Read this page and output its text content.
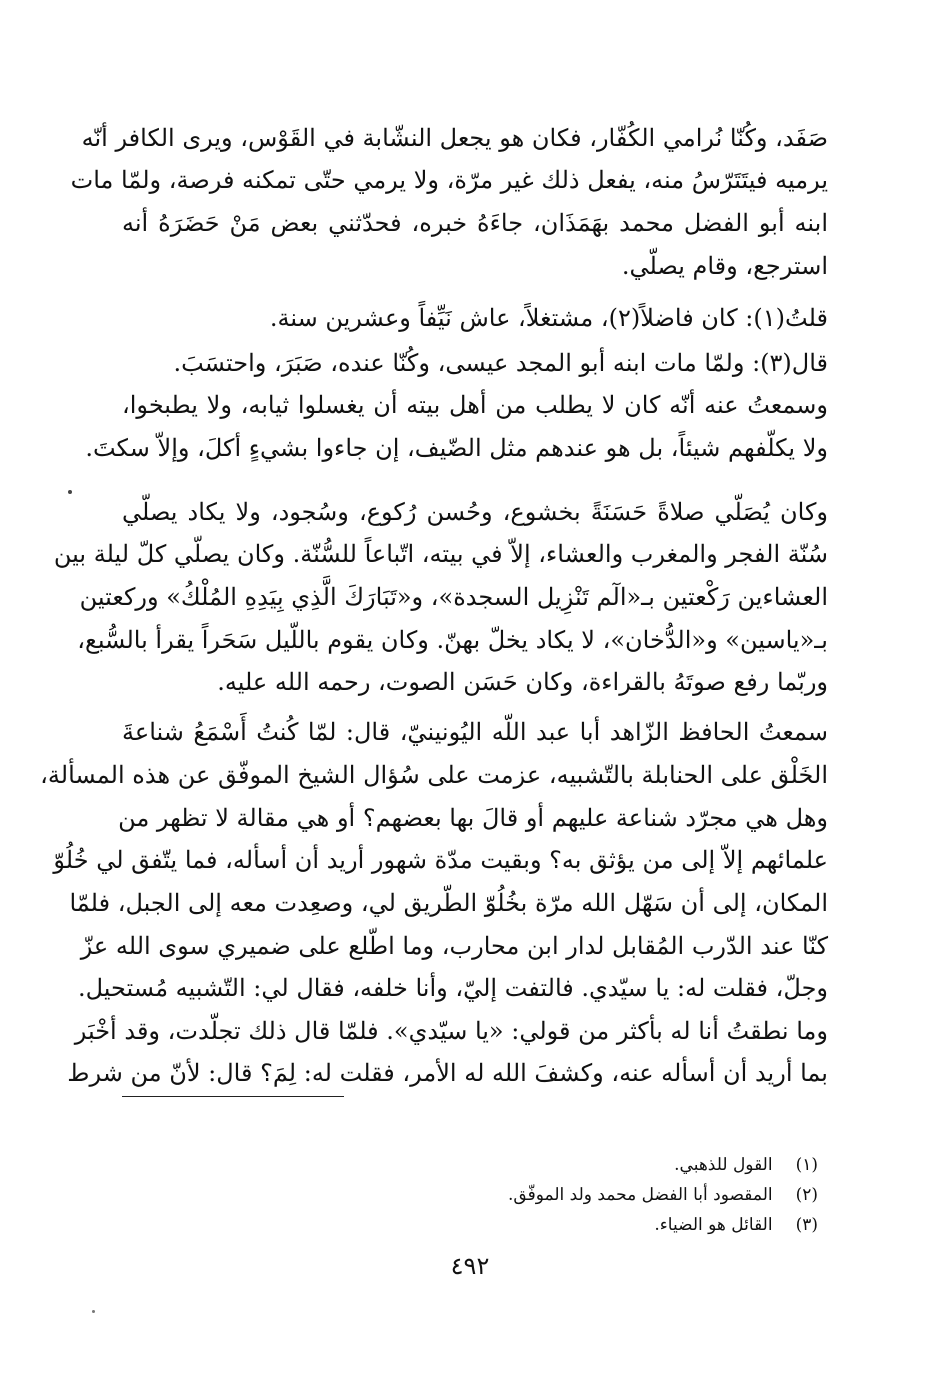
صَفَد، وكُنّا نُرامي الكُفّار، فكان هو يجعل النشّابة في القَوْس، ويرى الكافر أنّه
يرميه فيتَتَرّسُ منه، يفعل ذلك غير مرّة، ولا يرمي حتّى تمكنه فرصة، ولمّا مات
ابنه أبو الفضل محمد بهَمَذَان، جاءَهُ خبره، فحدّثني بعض مَنْ حَضَرَهُ أنه
استرجع، وقام يصلّي.
قلتُ(١): كان فاضلاً(٢)، مشتغلاً، عاش نَيِّفاً وعشرين سنة.
قال(٣): ولمّا مات ابنه أبو المجد عيسى، وكُنّا عنده، صَبَرَ، واحتسَبَ.
وسمعتُ عنه أنّه كان لا يطلب من أهل بيته أن يغسلوا ثيابه، ولا يطبخوا،
ولا يكلّفهم شيئاً، بل هو عندهم مثل الضّيف، إن جاءوا بشيءٍ أكلَ، وإلاّ سكتَ.
وكان يُصَلّي صلاةً حَسَنَةً بخشوع، وحُسن رُكوع، وسُجود، ولا يكاد يصلّي
سُنّة الفجر والمغرب والعشاء، إلاّ في بيته، اتّباعاً للسُّنّة. وكان يصلّي كلّ ليلة بين
العشاءين رَكْعتين بـ«الٓم تَنْزِيل السجدة»، و«تَبَارَكَ الَّذِي بِيَدِهِ المُلْكُ» وركعتين
بـ«ياسين» و«الدُّخان»، لا يكاد يخلّ بهنّ. وكان يقوم باللّيل سَحَراً يقرأ بالسُّبع،
وربّما رفع صوتَهُ بالقراءة، وكان حَسَن الصوت، رحمه الله عليه.
سمعتُ الحافظ الزّاهد أبا عبد اللّه اليُونينيّ، قال: لمّا كُنتُ أَسْمَعُ شناعةَ
الخَلْق على الحنابلة بالتّشبيه، عزمت على سُؤال الشيخ الموفّق عن هذه المسألة،
وهل هي مجرّد شناعة عليهم أو قالَ بها بعضهم؟ أو هي مقالة لا تظهر من
علمائهم إلاّ إلى من يؤثق به؟ وبقيت مدّة شهور أريد أن أسأله، فما يتّفق لي خُلُوّ
المكان، إلى أن سَهّل الله مرّة بخُلُوّ الطّريق لي، وصعِدت معه إلى الجبل، فلمّا
كنّا عند الدّرب المُقابل لدار ابن محارب، وما اطّلع على ضميري سوى الله عزّ
وجلّ، فقلت له: يا سيّدي. فالتفت إليّ، وأنا خلفه، فقال لي: التّشبيه مُستحيل.
وما نطقتُ أنا له بأكثر من قولي: «يا سيّدي». فلمّا قال ذلك تجلّدت، وقد أخْبَر
بما أريد أن أسأله عنه، وكشفَ الله له الأمر، فقلت له: لِمَ؟ قال: لأنّ من شرط
(١) القول للذهبي.
(٢) المقصود أبا الفضل محمد ولد الموفّق.
(٣) القائل هو الضياء.
٤٩٢
